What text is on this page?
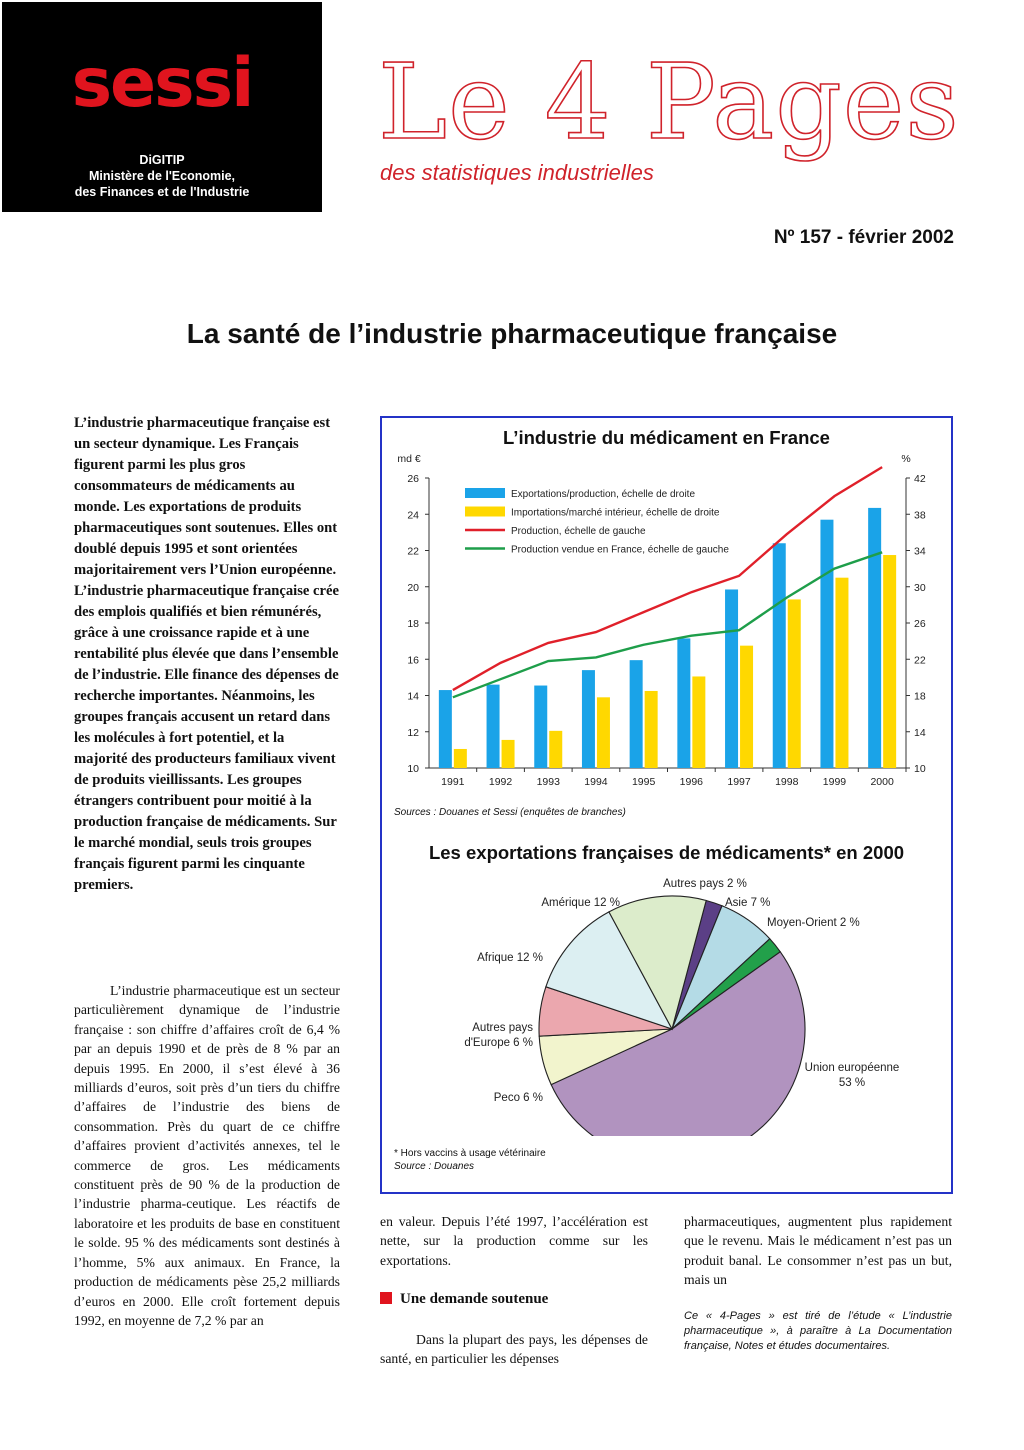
sessi
DiGITIP
Ministère de l'Economie,
des Finances et de l'Industrie
Le 4 Pages
des statistiques industrielles
Nº 157 - février 2002
La santé de l’industrie pharmaceutique française
L’industrie pharmaceutique française est un secteur dynamique. Les Français figurent parmi les plus gros consommateurs de médicaments au monde. Les exportations de produits pharmaceutiques sont soutenues. Elles ont doublé depuis 1995 et sont orientées majoritairement vers l’Union européenne. L’industrie pharmaceutique française crée des emplois qualifiés et bien rémunérés, grâce à une croissance rapide et à une rentabilité plus élevée que dans l’ensemble de l’industrie. Elle finance des dépenses de recherche importantes. Néanmoins, les groupes français accusent un retard dans les molécules à fort potentiel, et la majorité des producteurs familiaux vivent de produits vieillissants. Les groupes étrangers contribuent pour moitié à la production française de médicaments. Sur le marché mondial, seuls trois groupes français figurent parmi les cinquante premiers.

L’industrie pharmaceutique est un secteur particulièrement dynamique de l’industrie française : son chiffre d’affaires croît de 6,4 % par an depuis 1990 et de près de 8 % par an depuis 1995. En 2000, il s’est élevé à 36 milliards d’euros, soit près d’un tiers du chiffre d’affaires de l’industrie des biens de consommation. Près du quart de ce chiffre d’affaires provient d’activités annexes, tel le commerce de gros. Les médicaments constituent près de 90 % de la production de l’industrie pharma-ceutique. Les réactifs de laboratoire et les produits de base en constituent le solde. 95 % des médicaments sont destinés à l’homme, 5% aux animaux. En France, la production de médicaments pèse 25,2 milliards d’euros en 2000. Elle croît fortement depuis 1992, en moyenne de 7,2 % par an

en valeur. Depuis l’été 1997, l’accélération est nette, sur la production comme sur les exportations.
Une demande soutenue
Dans la plupart des pays, les dépenses de santé, en particulier les dépenses
pharmaceutiques, augmentent plus rapidement que le revenu. Mais le médicament n’est pas un produit banal. Le consommer n’est pas un but, mais un
Ce « 4-Pages » est tiré de l’étude « L’industrie pharmaceutique », à paraître à La Documentation française, Notes et études documentaires.
L’industrie du médicament en France
md €	%
10
12
14
16
18
20
22
24
26
10
14
18
22
26
30
34
38
42
1991 1992 1993 1994 1995 1996 1997 1998 1999 2000
Exportations/production, échelle de droite
Importations/marché intérieur, échelle de droite
Production, échelle de gauche
Production vendue en France, échelle de gauche
Sources : Douanes et Sessi (enquêtes de branches)
Les exportations françaises de médicaments* en 2000
Autres pays 2 %
Asie 7 %
Moyen-Orient 2 %
Union européenne 53 %
Peco 6 %
Autres pays d'Europe 6 %
Afrique 12 %
Amérique 12 %
* Hors vaccins à usage vétérinaire
Source : Douanes
